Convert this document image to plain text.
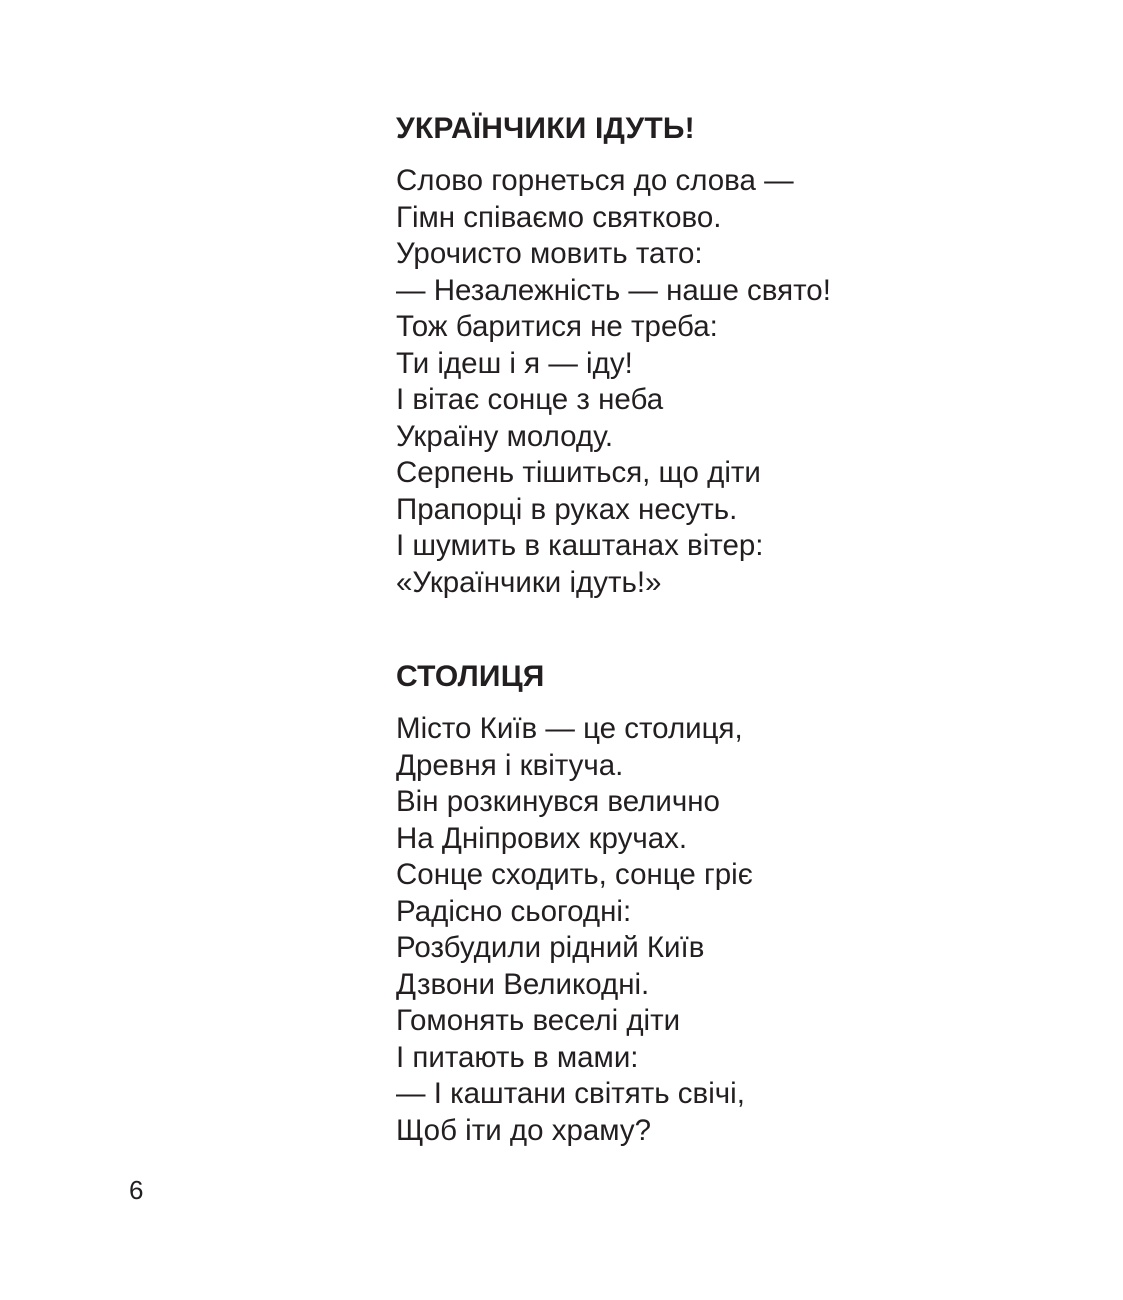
УКРАЇНЧИКИ ІДУТЬ!
Слово горнеться до слова —
Гімн співаємо святково.
Урочисто мовить тато:
— Незалежність — наше свято!
Тож баритися не треба:
Ти ідеш і я — іду!
І вітає сонце з неба
Україну молоду.
Серпень тішиться, що діти
Прапорці в руках несуть.
І шумить в каштанах вітер:
«Українчики ідуть!»
СТОЛИЦЯ
Місто Київ — це столиця,
Древня і квітуча.
Він розкинувся велично
На Дніпрових кручах.
Сонце сходить, сонце гріє
Радісно сьогодні:
Розбудили рідний Київ
Дзвони Великодні.
Гомонять веселі діти
І питають в мами:
— І каштани світять свічі,
Щоб іти до храму?
6
